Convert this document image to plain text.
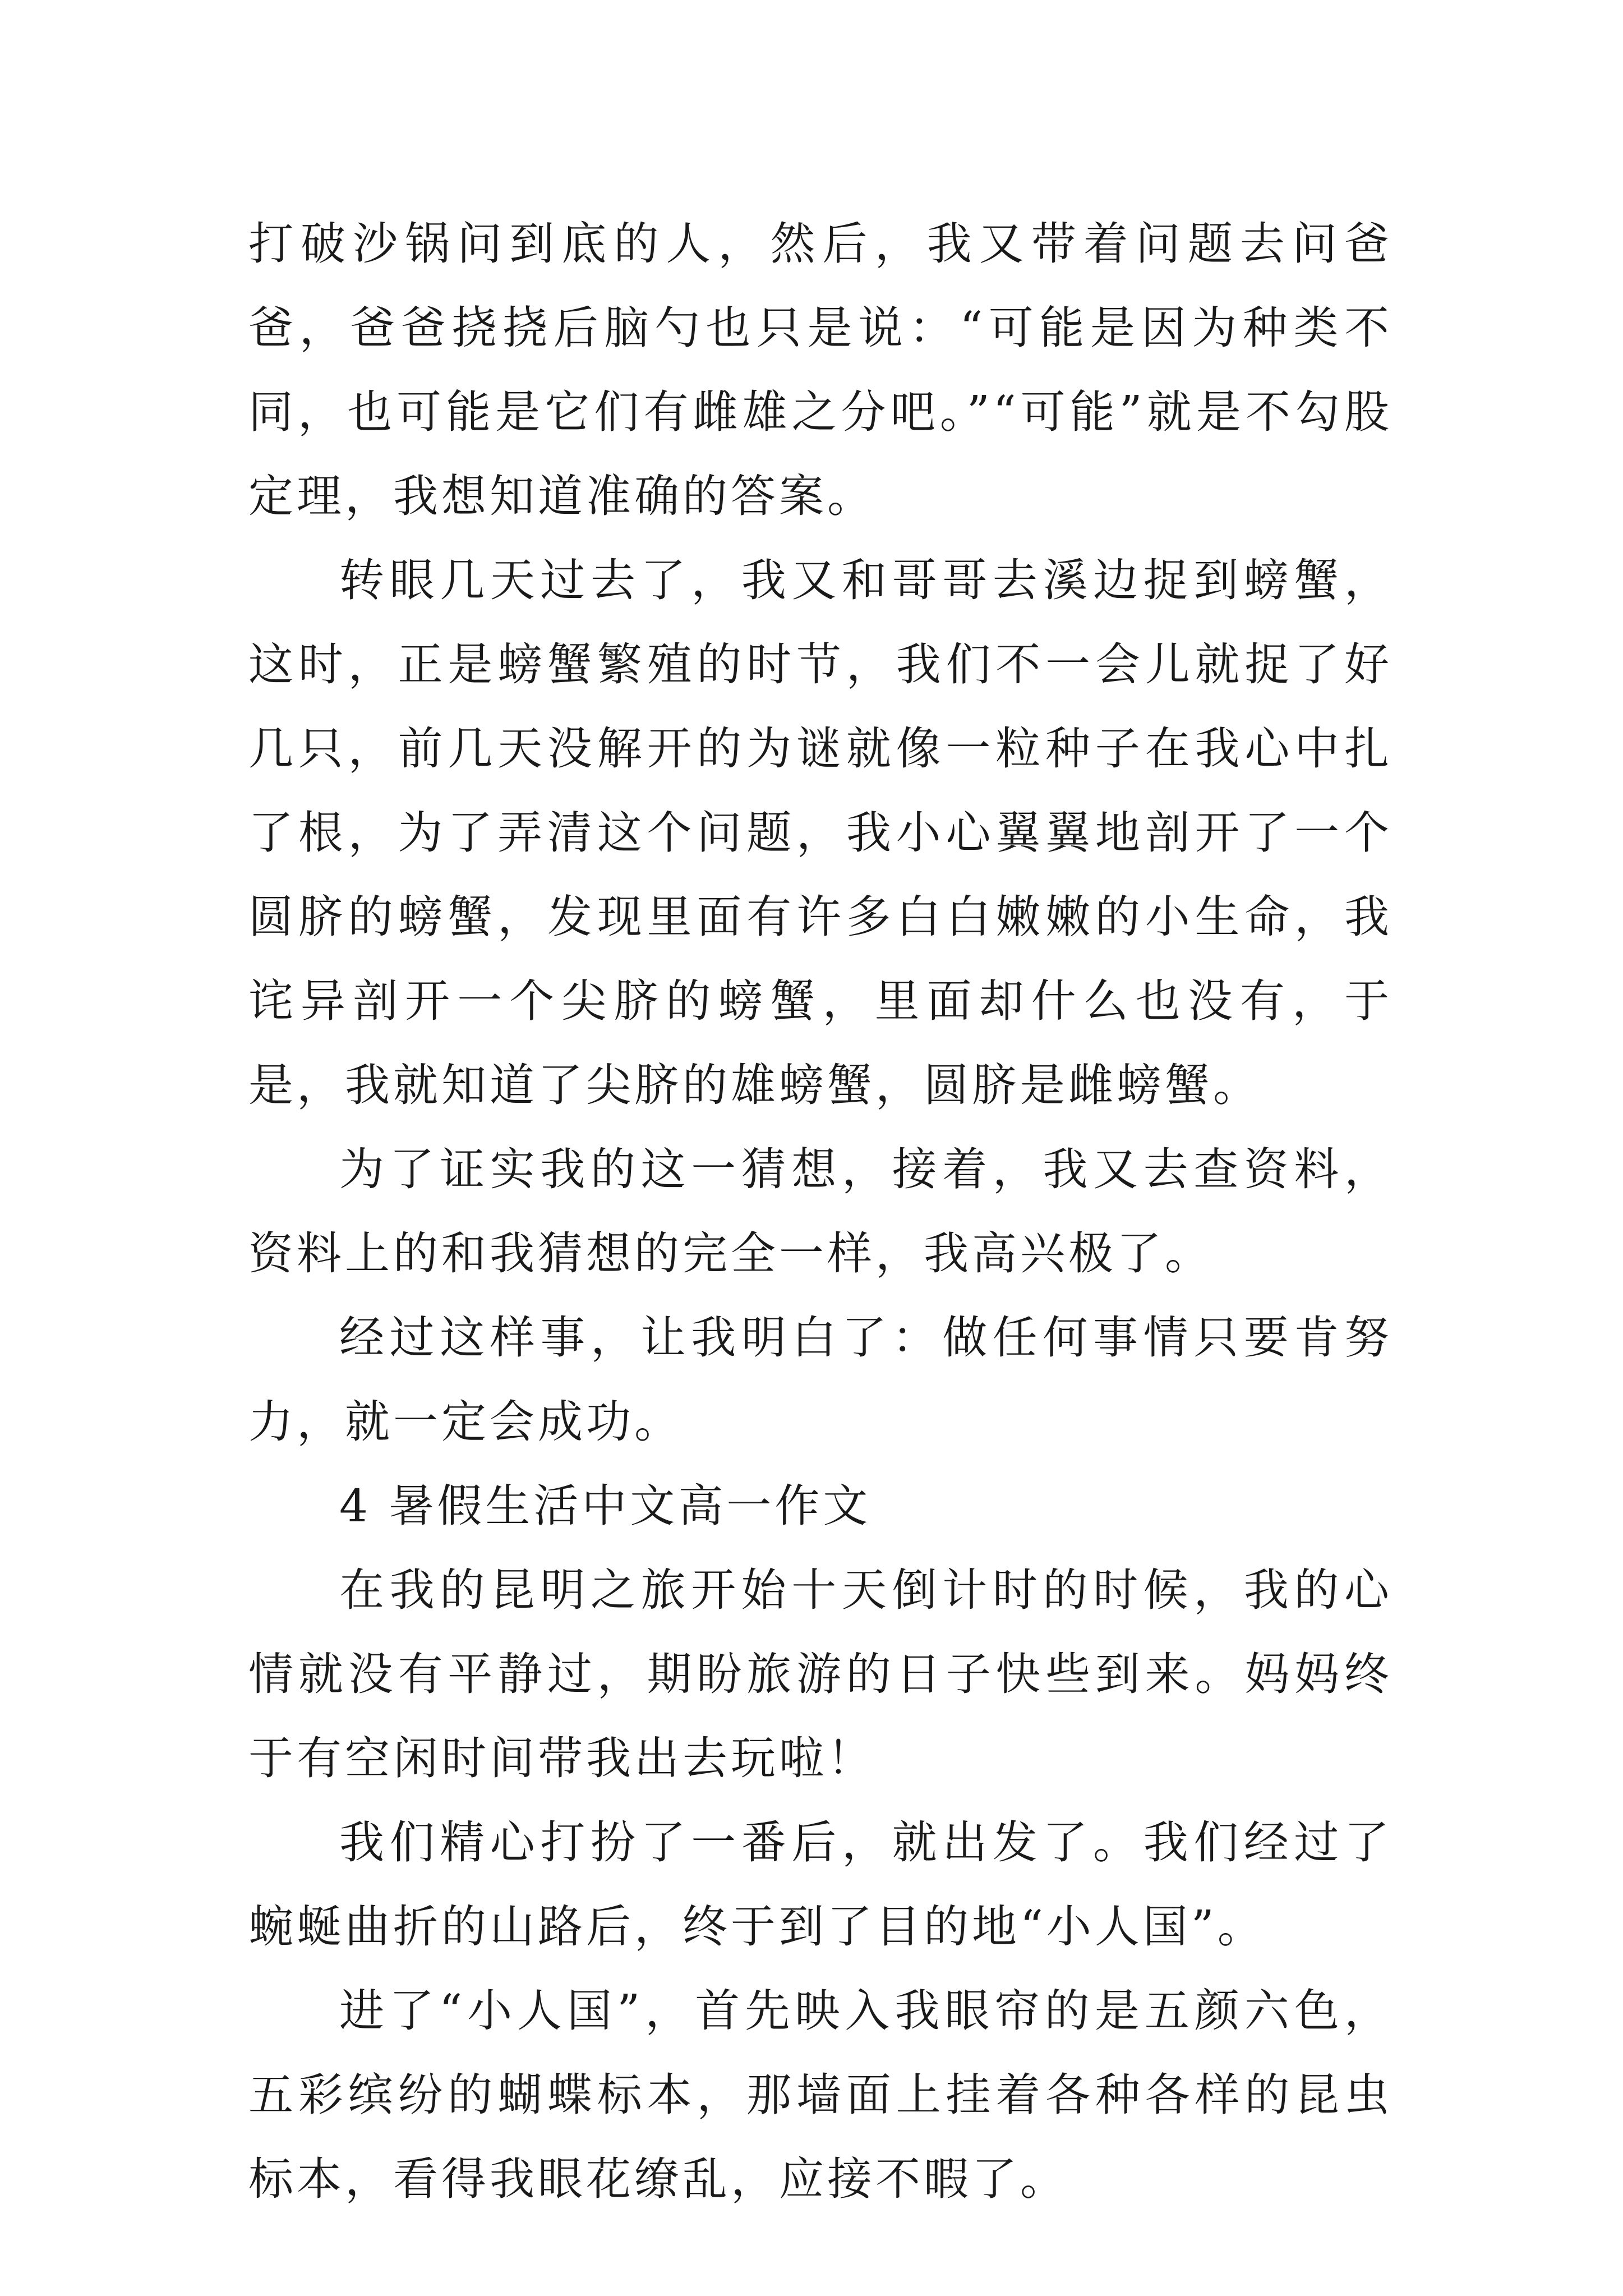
打破沙锅问到底的人，然后，我又带着问题去问爸爸，爸爸挠挠后脑勺也只是说：“可能是因为种类不同，也可能是它们有雌雄之分吧。”“可能”就是不勾股定理，我想知道准确的答案。

转眼几天过去了，我又和哥哥去溪边捉到螃蟹，这时，正是螃蟹繁殖的时节，我们不一会儿就捉了好几只，前几天没解开的为谜就像一粒种子在我心中扎了根，为了弄清这个问题，我小心翼翼地剖开了一个圆脐的螃蟹，发现里面有许多白白嫩嫩的小生命，我诧异剖开一个尖脐的螃蟹，里面却什么也没有，于是，我就知道了尖脐的雄螃蟹，圆脐是雌螃蟹。

为了证实我的这一猜想，接着，我又去查资料，资料上的和我猜想的完全一样，我高兴极了。

经过这样事，让我明白了：做任何事情只要肯努力，就一定会成功。

4 暑假生活中文高一作文

在我的昆明之旅开始十天倒计时的时候，我的心情就没有平静过，期盼旅游的日子快些到来。妈妈终于有空闲时间带我出去玩啦！

我们精心打扮了一番后，就出发了。我们经过了蜿蜒曲折的山路后，终于到了目的地“小人国”。

进了“小人国”，首先映入我眼帘的是五颜六色，五彩缤纷的蝴蝶标本，那墙面上挂着各种各样的昆虫标本，看得我眼花缭乱，应接不暇了。
